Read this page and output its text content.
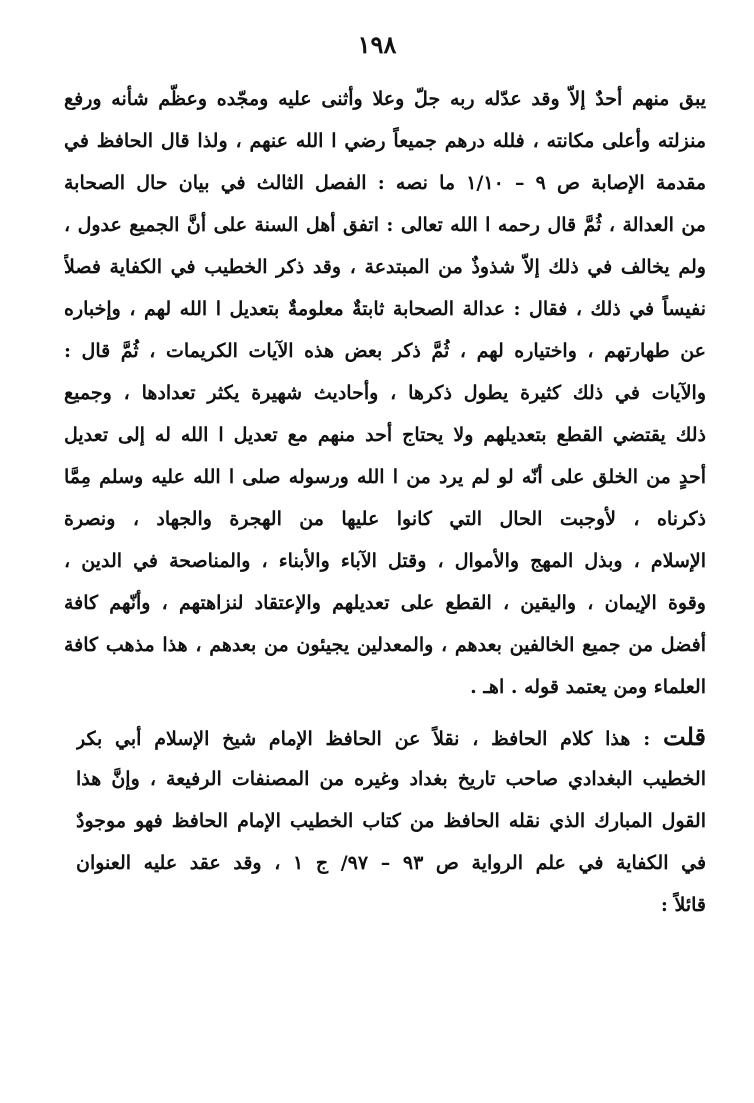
١٩٨
يبق منهم أحدٌ إلاّ وقد عدّله ربه جلّ وعلا وأثنى عليه ومجّده وعظّم شأنه ورفع
منزلته وأعلى مكانته ، فلله درهم جميعاً رضي ا الله عنهم ، ولذا قال الحافظ في
مقدمة الإصابة ص ٩ – ١/١٠ ما نصه : الفصل الثالث في بيان حال الصحابة
من العدالة ، ثُمَّ قال رحمه ا الله تعالى : اتفق أهل السنة على أنَّ الجميع عدول ،
ولم يخالف في ذلك إلاّ شذوذٌ من المبتدعة ، وقد ذكر الخطيب في الكفاية فصلاً
نفيساً في ذلك ، فقال : عدالة الصحابة ثابتةٌ معلومةٌ بتعديل ا الله لهم ، وإخباره
عن طهارتهم ، واختياره لهم ، ثُمَّ ذكر بعض هذه الآيات الكريمات ، ثُمَّ قال :
والآيات في ذلك كثيرة يطول ذكرها ، وأحاديث شهيرة يكثر تعدادها ، وجميع
ذلك يقتضي القطع بتعديلهم ولا يحتاج أحد منهم مع تعديل ا الله له إلى تعديل
أحدٍ من الخلق على أنّه لو لم يرد من ا الله ورسوله صلى ا الله عليه وسلم مِمَّا
ذكرناه ، لأوجبت الحال التي كانوا عليها من الهجرة والجهاد ، ونصرة
الإسلام ، وبذل المهج والأموال ، وقتل الآباء والأبناء ، والمناصحة في الدين ،
وقوة الإيمان ، واليقين ، القطع على تعديلهم والإعتقاد لنزاهتهم ، وأنّهم كافة
أفضل من جميع الخالفين بعدهم ، والمعدلين يجيئون من بعدهم ، هذا مذهب كافة
العلماء ومن يعتمد قوله . اهـ .
قلت : هذا كلام الحافظ ، نقلاً عن الحافظ الإمام شيخ الإسلام أبي بكر
الخطيب البغدادي صاحب تاريخ بغداد وغيره من المصنفات الرفيعة ، وإنَّ هذا
القول المبارك الذي نقله الحافظ من كتاب الخطيب الإمام الحافظ فهو موجودٌ
في الكفاية في علم الرواية ص ٩٣ – ٩٧/ ج ١ ، وقد عقد عليه العنوان
قائلاً :
